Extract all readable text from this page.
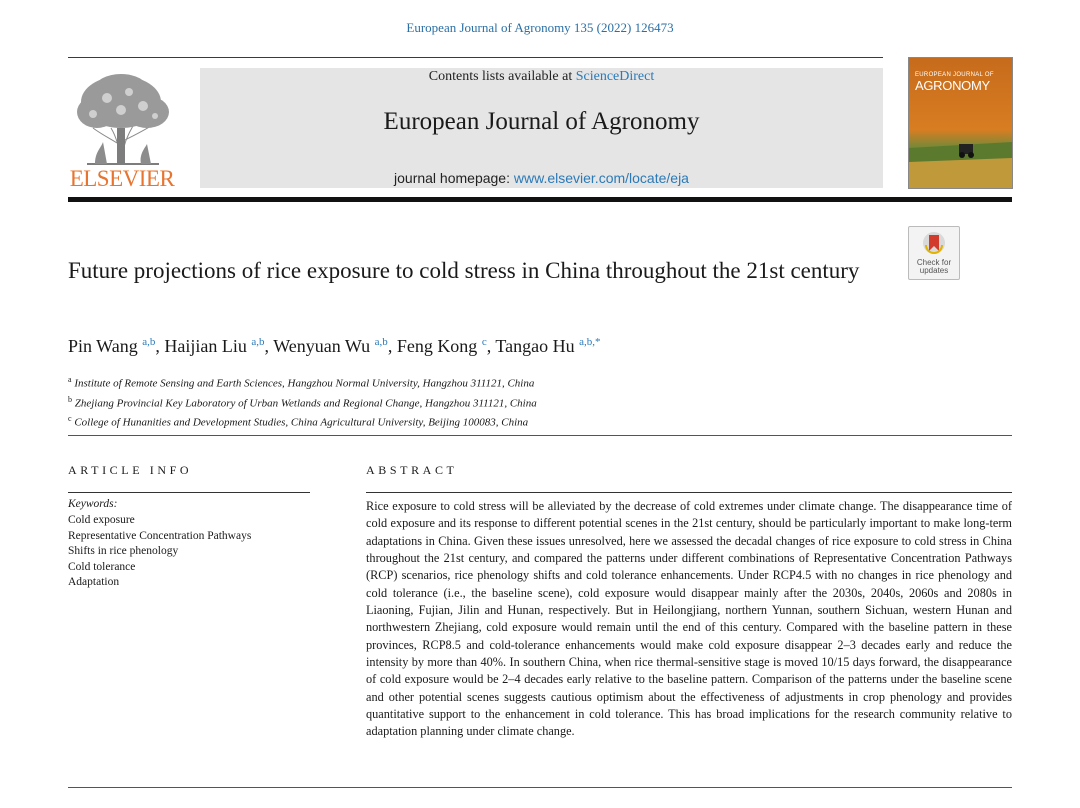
European Journal of Agronomy 135 (2022) 126473
ELSEVIER
Contents lists available at ScienceDirect
European Journal of Agronomy
journal homepage: www.elsevier.com/locate/eja
EUROPEAN JOURNAL OF
AGRONOMY
Check for
updates
Future projections of rice exposure to cold stress in China throughout the 21st century
Pin Wang $^{a,b}$, Haijian Liu $^{a,b}$, Wenyuan Wu $^{a,b}$, Feng Kong $^c$, Tangao Hu $^{a,b,*}$
$^a$ Institute of Remote Sensing and Earth Sciences, Hangzhou Normal University, Hangzhou 311121, China
$^b$ Zhejiang Provincial Key Laboratory of Urban Wetlands and Regional Change, Hangzhou 311121, China
$^c$ College of Hunanities and Development Studies, China Agricultural University, Beijing 100083, China
ARTICLE INFO
Keywords:
Cold exposure
Representative Concentration Pathways
Shifts in rice phenology
Cold tolerance
Adaptation
ABSTRACT
Rice exposure to cold stress will be alleviated by the decrease of cold extremes under climate change. The disappearance time of cold exposure and its response to different potential scenes in the 21st century, should be particularly important to make long-term adaptations in China. Given these issues unresolved, here we assessed the decadal changes of rice exposure to cold stress in China throughout the 21st century, and compared the patterns under different combinations of Representative Concentration Pathways (RCP) scenarios, rice phenology shifts and cold tolerance enhancements. Under RCP4.5 with no changes in rice phenology and cold tolerance (i.e., the baseline scene), cold exposure would disappear mainly after the 2030s, 2040s, 2060s and 2080s in Liaoning, Fujian, Jilin and Hunan, respectively. But in Heilongjiang, northern Yunnan, southern Sichuan, western Hunan and northwestern Zhejiang, cold exposure would remain until the end of this century. Compared with the baseline pattern in these provinces, RCP8.5 and cold-tolerance enhancements would make cold exposure disappear 2–3 decades early and reduce the intensity by more than 40%. In southern China, when rice thermal-sensitive stage is moved 10/15 days forward, the disappearance of cold exposure would be 2–4 decades early relative to the baseline pattern. Comparison of the patterns under the baseline scene and other potential scenes suggests cautious optimism about the effectiveness of adjustments in crop phenology and provides quantitative support to the enhancement in cold tolerance. This has broad implications for the research community relative to adaptation planning under climate change.
